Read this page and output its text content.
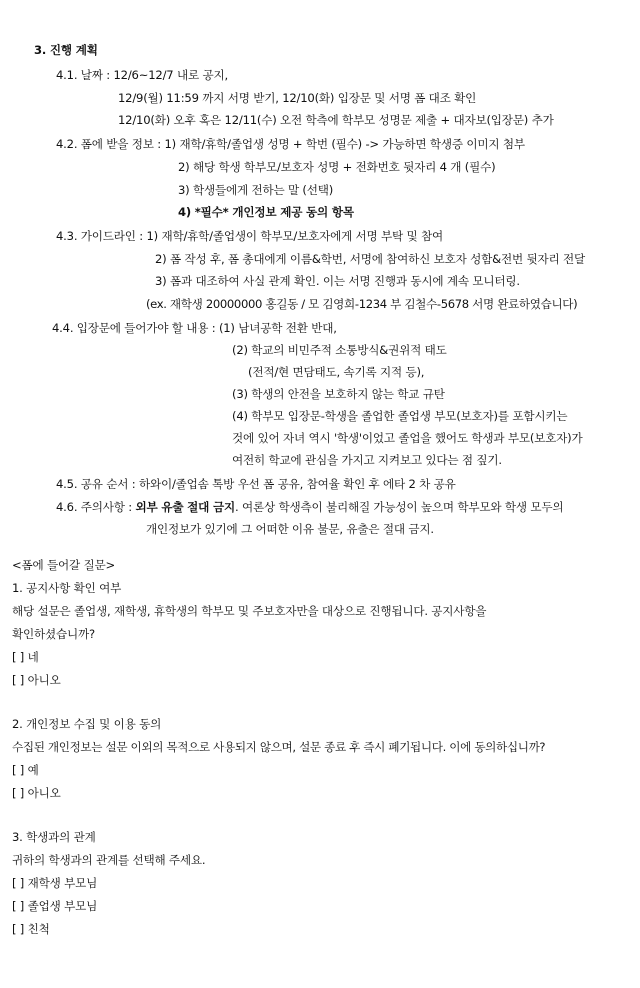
3. 진행 계획
4.1. 날짜 : 12/6~12/7 내로 공지,
12/9(월) 11:59 까지 서명 받기, 12/10(화) 입장문 및 서명 폼 대조 확인
12/10(화) 오후 혹은 12/11(수) 오전 학측에 학부모 성명문 제출 + 대자보(입장문) 추가
4.2. 폼에 받을 정보 : 1) 재학/휴학/졸업생 성명 + 학번 (필수) -> 가능하면 학생증 이미지 첨부
2) 해당 학생 학부모/보호자 성명 + 전화번호 뒷자리 4 개 (필수)
3) 학생들에게 전하는 말 (선택)
4) *필수* 개인정보 제공 동의 항목
4.3. 가이드라인 : 1) 재학/휴학/졸업생이 학부모/보호자에게 서명 부탁 및 참여
2) 폼 작성 후, 폼 총대에게 이름&학번, 서명에 참여하신 보호자 성함&전번 뒷자리 전달
3) 폼과 대조하여 사실 관계 확인. 이는 서명 진행과 동시에 계속 모니터링.
(ex. 재학생 20000000 홍길동 / 모 김영희-1234 부 김철수-5678 서명 완료하였습니다)
4.4. 입장문에 들어가야 할 내용 : (1) 남녀공학 전환 반대,
(2) 학교의 비민주적 소통방식&권위적 태도
(전적/현 면담태도, 속기록 지적 등),
(3) 학생의 안전을 보호하지 않는 학교 규탄
(4) 학부모 입장문-학생을 졸업한 졸업생 부모(보호자)를 포함시키는
것에 있어 자녀 역시 '학생'이었고 졸업을 했어도 학생과 부모(보호자)가
여전히 학교에 관심을 가지고 지켜보고 있다는 점 짚기.
4.5. 공유 순서 : 하와이/졸업솜 톡방 우선 폼 공유, 참여율 확인 후 에타 2 차 공유
4.6. 주의사항 : 외부 유출 절대 금지. 여론상 학생측이 불리해질 가능성이 높으며 학부모와 학생 모두의
개인정보가 있기에 그 어떠한 이유 불문, 유출은 절대 금지.
<폼에 들어갈 질문>
1. 공지사항 확인 여부
해당 설문은 졸업생, 재학생, 휴학생의 학부모 및 주보호자만을 대상으로 진행됩니다. 공지사항을
확인하셨습니까?
[ ] 네
[ ] 아니오
2. 개인정보 수집 및 이용 동의
수집된 개인정보는 설문 이외의 목적으로 사용되지 않으며, 설문 종료 후 즉시 폐기됩니다. 이에 동의하십니까?
[ ] 예
[ ] 아니오
3. 학생과의 관계
귀하의 학생과의 관계를 선택해 주세요.
[ ] 재학생 부모님
[ ] 졸업생 부모님
[ ] 친척
